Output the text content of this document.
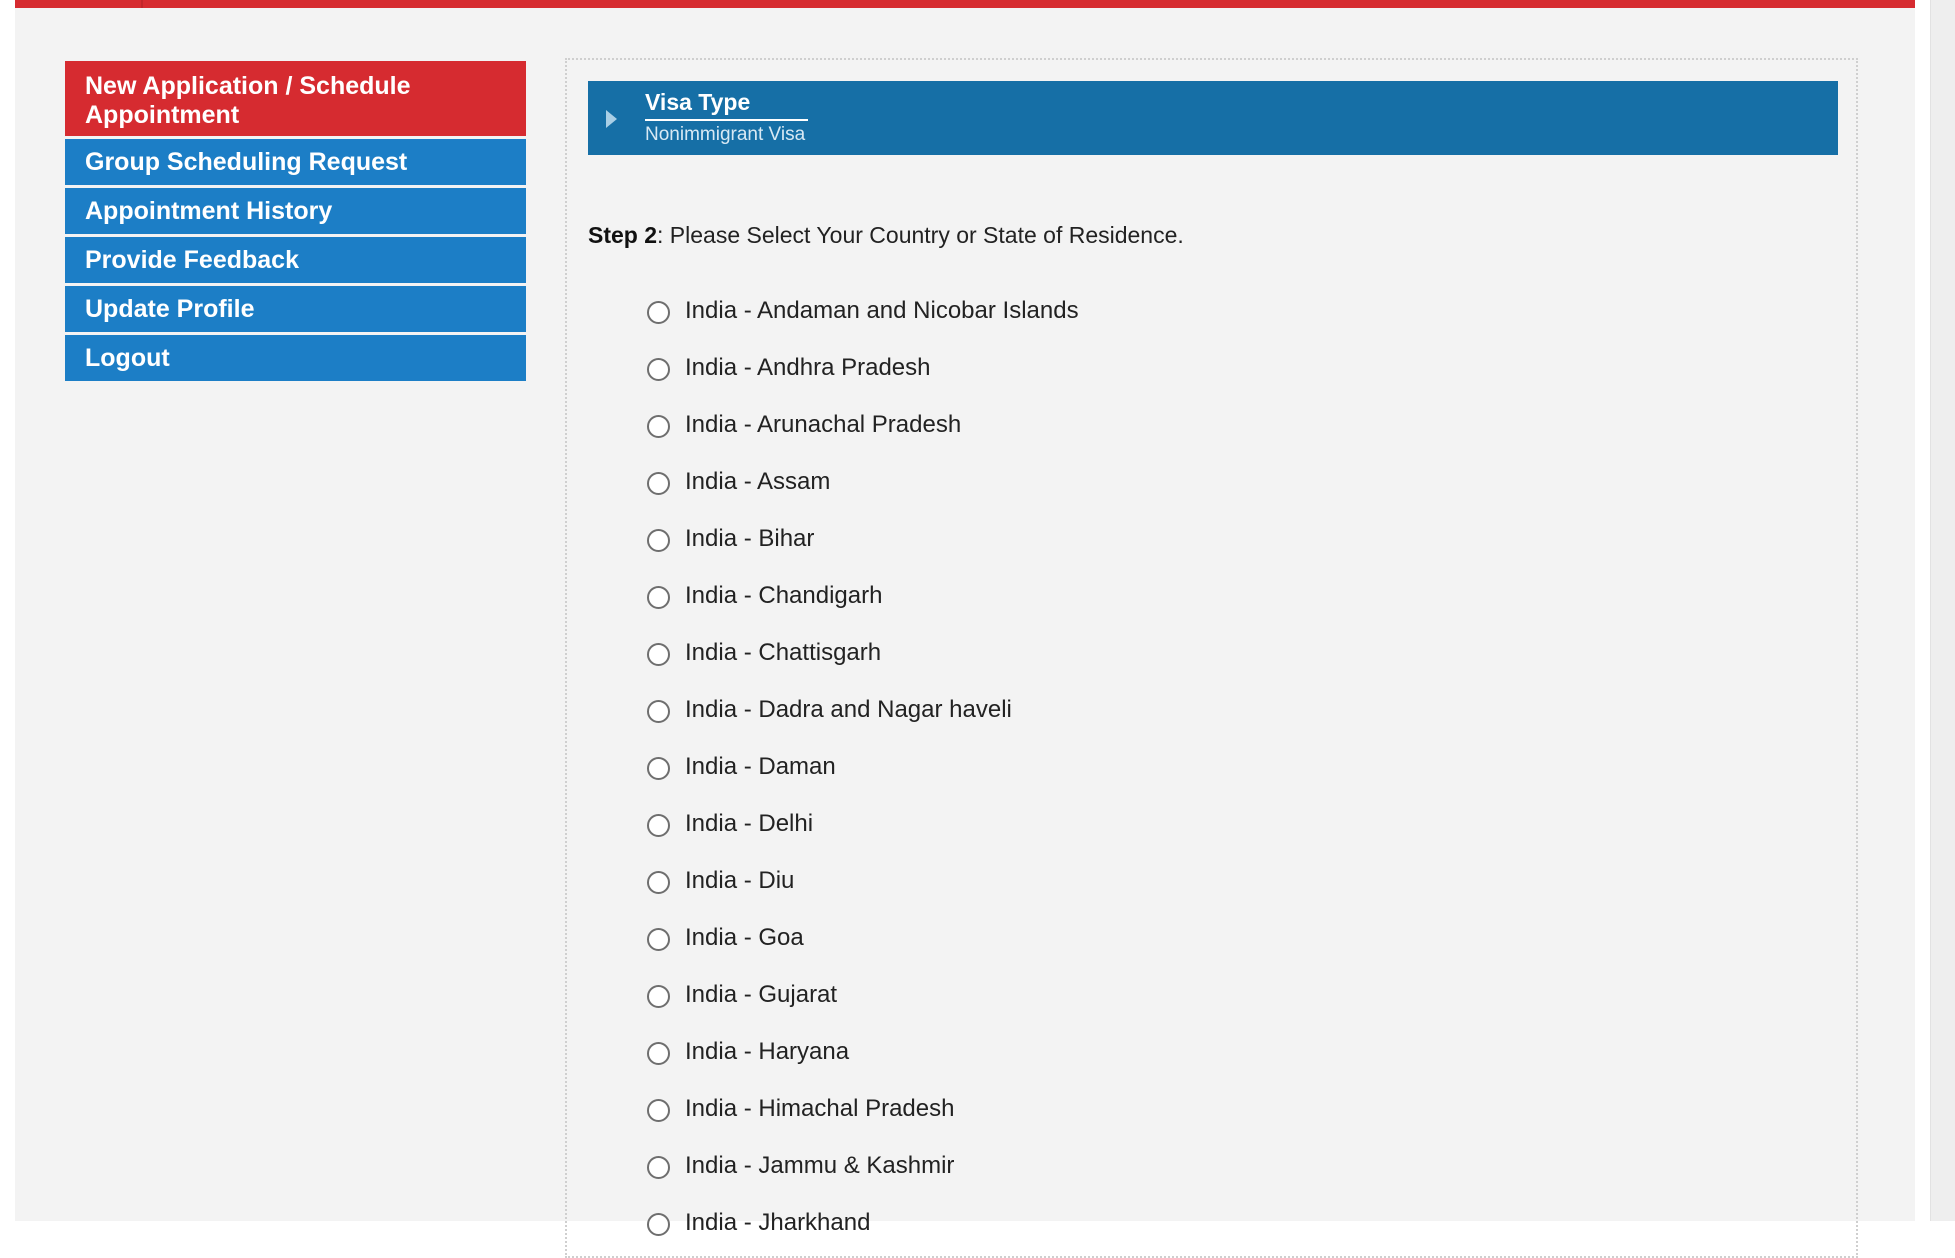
New Application / Schedule Appointment
Group Scheduling Request
Appointment History
Provide Feedback
Update Profile
Logout
Visa Type
Nonimmigrant Visa
Step 2: Please Select Your Country or State of Residence.
India - Andaman and Nicobar Islands
India - Andhra Pradesh
India - Arunachal Pradesh
India - Assam
India - Bihar
India - Chandigarh
India - Chattisgarh
India - Dadra and Nagar haveli
India - Daman
India - Delhi
India - Diu
India - Goa
India - Gujarat
India - Haryana
India - Himachal Pradesh
India - Jammu & Kashmir
India - Jharkhand
